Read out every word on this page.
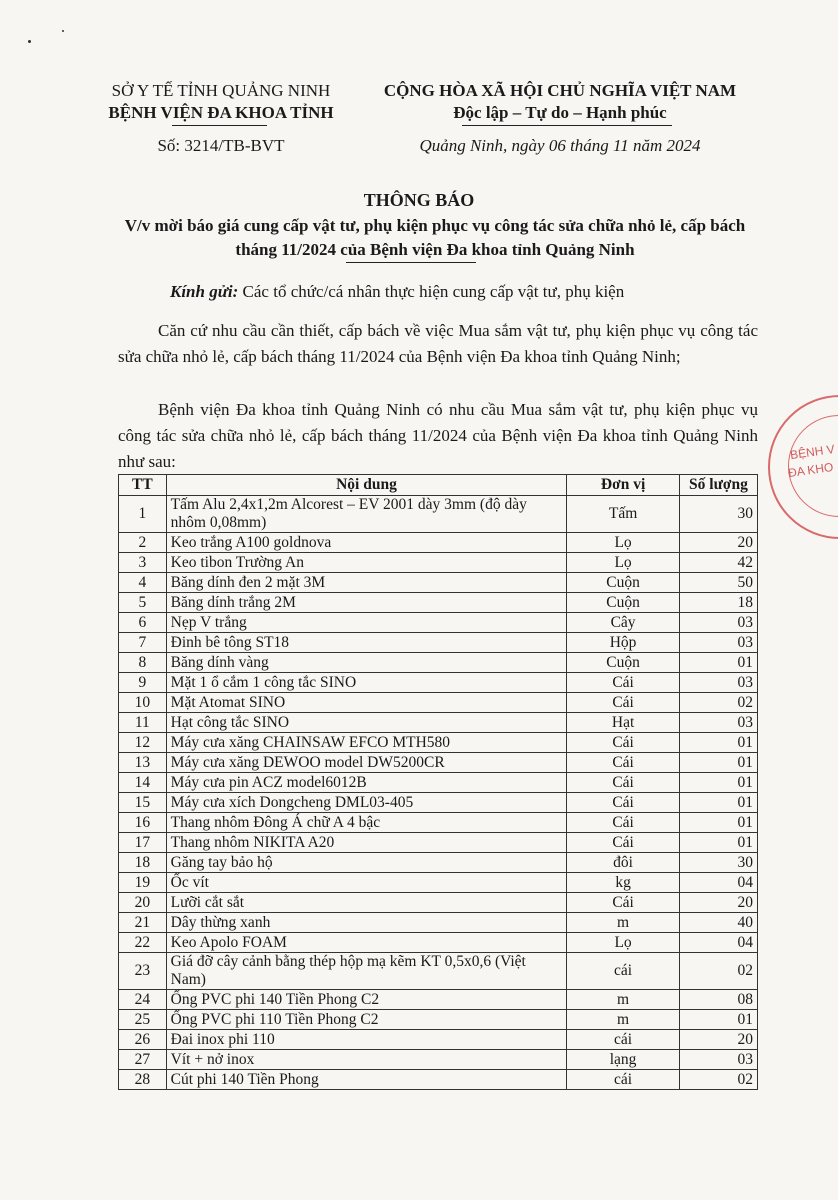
SỞ Y TẾ TỈNH QUẢNG NINH
BỆNH VIỆN ĐA KHOA TỈNH
Số: 3214/TB-BVT
CỘNG HÒA XÃ HỘI CHỦ NGHĨA VIỆT NAM
Độc lập – Tự do – Hạnh phúc
Quảng Ninh, ngày 06 tháng 11 năm 2024
THÔNG BÁO
V/v mời báo giá cung cấp vật tư, phụ kiện phục vụ công tác sửa chữa nhỏ lẻ, cấp bách tháng 11/2024 của Bệnh viện Đa khoa tỉnh Quảng Ninh
Kính gửi: Các tổ chức/cá nhân thực hiện cung cấp vật tư, phụ kiện
Căn cứ nhu cầu cần thiết, cấp bách về việc Mua sắm vật tư, phụ kiện phục vụ công tác sửa chữa nhỏ lẻ, cấp bách tháng 11/2024 của Bệnh viện Đa khoa tỉnh Quảng Ninh;
Bệnh viện Đa khoa tỉnh Quảng Ninh có nhu cầu Mua sắm vật tư, phụ kiện phục vụ công tác sửa chữa nhỏ lẻ, cấp bách tháng 11/2024 của Bệnh viện Đa khoa tỉnh Quảng Ninh như sau:
TT	Nội dung	Đơn vị	Số lượng
1	Tấm Alu 2,4x1,2m Alcorest – EV 2001 dày 3mm (độ dày nhôm 0,08mm)	Tấm	30
2	Keo trắng A100 goldnova	Lọ	20
3	Keo tibon Trường An	Lọ	42
4	Băng dính đen 2 mặt 3M	Cuộn	50
5	Băng dính trắng 2M	Cuộn	18
6	Nẹp V trắng	Cây	03
7	Đinh bê tông ST18	Hộp	03
8	Băng dính vàng	Cuộn	01
9	Mặt 1 ổ cắm 1 công tắc SINO	Cái	03
10	Mặt Atomat SINO	Cái	02
11	Hạt công tắc SINO	Hạt	03
12	Máy cưa xăng CHAINSAW EFCO MTH580	Cái	01
13	Máy cưa xăng DEWOO model DW5200CR	Cái	01
14	Máy cưa pin ACZ model6012B	Cái	01
15	Máy cưa xích Dongcheng DML03-405	Cái	01
16	Thang nhôm Đông Á chữ A 4 bậc	Cái	01
17	Thang nhôm NIKITA A20	Cái	01
18	Găng tay bảo hộ	đôi	30
19	Ốc vít	kg	04
20	Lưỡi cắt sắt	Cái	20
21	Dây thừng xanh	m	40
22	Keo Apolo FOAM	Lọ	04
23	Giá đỡ cây cảnh bằng thép hộp mạ kẽm KT 0,5x0,6 (Việt Nam)	cái	02
24	Ống PVC phi 140 Tiền Phong C2	m	08
25	Ống PVC phi 110 Tiền Phong C2	m	01
26	Đai inox phi 110	cái	20
27	Vít + nở inox	lạng	03
28	Cút phi 140 Tiền Phong	cái	02
BỆNH V
ĐA KHO
